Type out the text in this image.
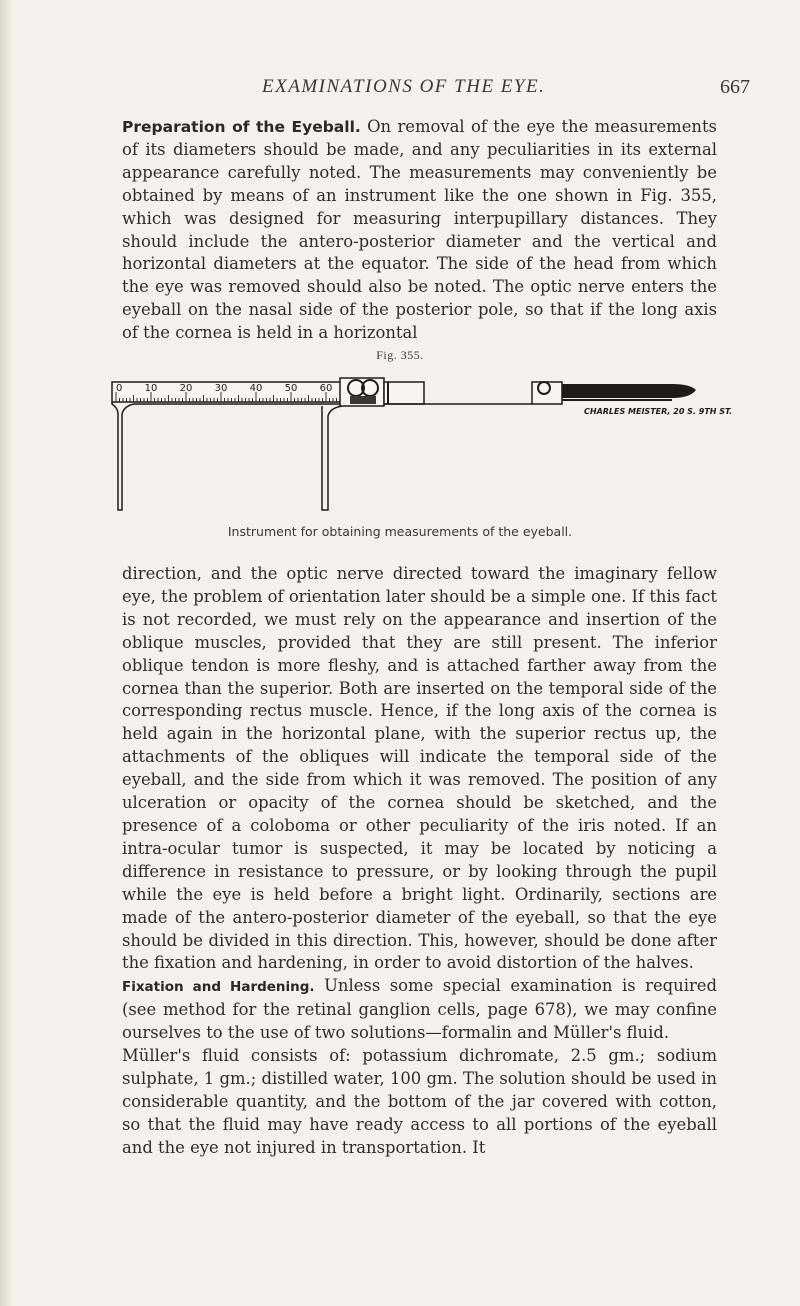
EXAMINATIONS OF THE EYE.	667

Preparation of the Eyeball. On removal of the eye the measurements of its diameters should be made, and any peculiarities in its external appearance carefully noted. The measurements may conveniently be obtained by means of an instrument like the one shown in Fig. 355, which was designed for measuring interpupillary distances. They should include the antero-posterior diameter and the vertical and horizontal diameters at the equator. The side of the head from which the eye was removed should also be noted. The optic nerve enters the eyeball on the nasal side of the posterior pole, so that if the long axis of the cornea is held in a horizontal

Fig. 355.
0 10 20 30 40 50 60
CHARLES MEISTER, 20 S. 9TH ST.
Instrument for obtaining measurements of the eyeball.

direction, and the optic nerve directed toward the imaginary fellow eye, the problem of orientation later should be a simple one. If this fact is not recorded, we must rely on the appearance and insertion of the oblique muscles, provided that they are still present. The inferior oblique tendon is more fleshy, and is attached farther away from the cornea than the superior. Both are inserted on the temporal side of the corresponding rectus muscle. Hence, if the long axis of the cornea is held again in the horizontal plane, with the superior rectus up, the attachments of the obliques will indicate the temporal side of the eyeball, and the side from which it was removed. The position of any ulceration or opacity of the cornea should be sketched, and the presence of a coloboma or other peculiarity of the iris noted. If an intra-ocular tumor is suspected, it may be located by noticing a difference in resistance to pressure, or by looking through the pupil while the eye is held before a bright light. Ordinarily, sections are made of the antero-posterior diameter of the eyeball, so that the eye should be divided in this direction. This, however, should be done after the fixation and hardening, in order to avoid distortion of the halves.

Fixation and Hardening. Unless some special examination is required (see method for the retinal ganglion cells, page 678), we may confine ourselves to the use of two solutions—formalin and Müller's fluid.

Müller's fluid consists of: potassium dichromate, 2.5 gm.; sodium sulphate, 1 gm.; distilled water, 100 gm. The solution should be used in considerable quantity, and the bottom of the jar covered with cotton, so that the fluid may have ready access to all portions of the eyeball and the eye not injured in transportation. It
